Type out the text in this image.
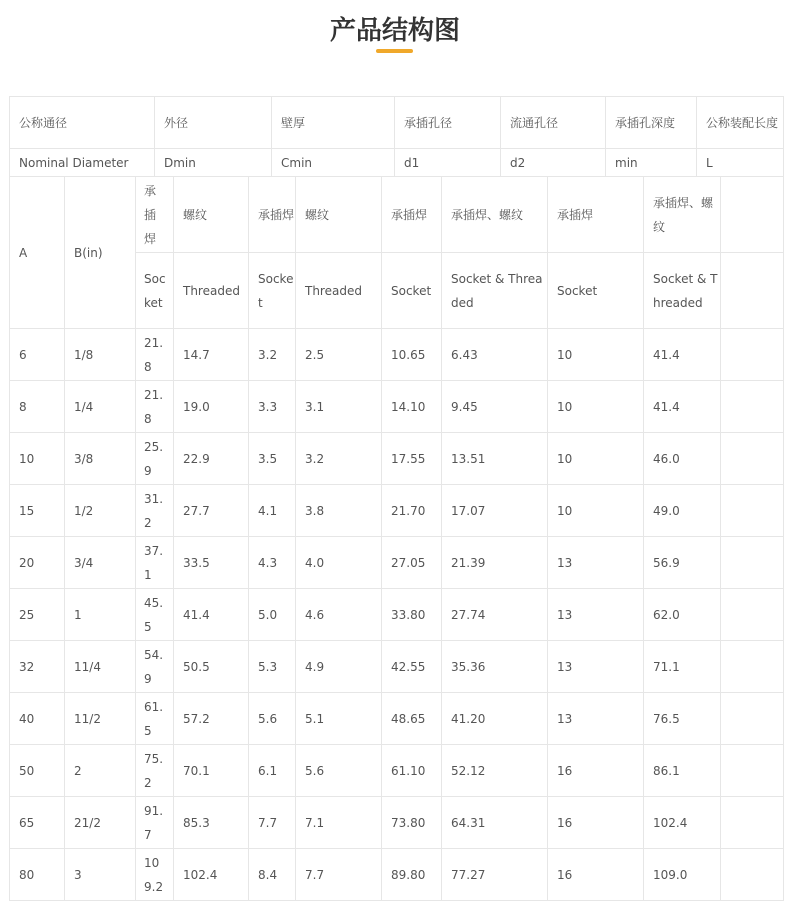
产品结构图
公称通径	外径	壁厚	承插孔径	流通孔径	承插孔深度	公称装配长度
Nominal Diameter	Dmin	Cmin	d1	d2	min	L
A	B(in)	承插焊	螺纹	承插焊	螺纹	承插焊	承插焊、螺纹	承插焊	承插焊、螺纹	
		Socket	Threaded	Socket	Threaded	Socket	Socket & Threaded	Socket	Socket & Threaded	
6	1/8	21.8	14.7	3.2	2.5	10.65	6.43	10	41.4	
8	1/4	21.8	19.0	3.3	3.1	14.10	9.45	10	41.4	
10	3/8	25.9	22.9	3.5	3.2	17.55	13.51	10	46.0	
15	1/2	31.2	27.7	4.1	3.8	21.70	17.07	10	49.0	
20	3/4	37.1	33.5	4.3	4.0	27.05	21.39	13	56.9	
25	1	45.5	41.4	5.0	4.6	33.80	27.74	13	62.0	
32	11/4	54.9	50.5	5.3	4.9	42.55	35.36	13	71.1	
40	11/2	61.5	57.2	5.6	5.1	48.65	41.20	13	76.5	
50	2	75.2	70.1	6.1	5.6	61.10	52.12	16	86.1	
65	21/2	91.7	85.3	7.7	7.1	73.80	64.31	16	102.4	
80	3	109.2	102.4	8.4	7.7	89.80	77.27	16	109.0	
